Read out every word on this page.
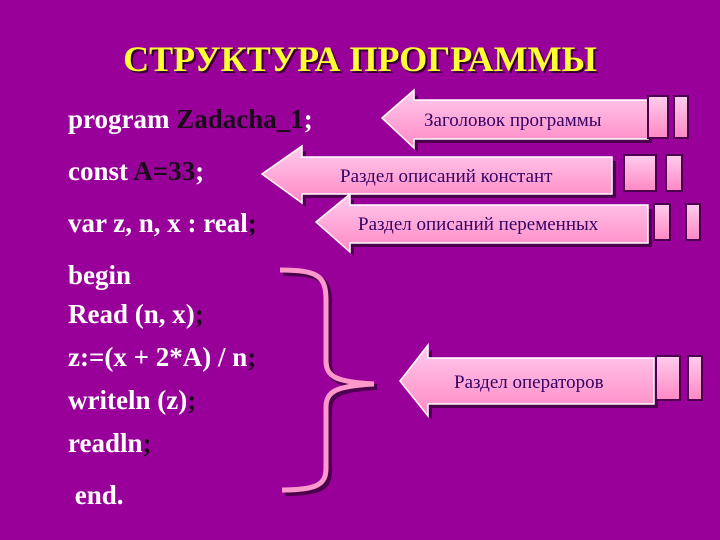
СТРУКТУРА ПРОГРАММЫ
program Zadacha_1;
const A=33;
var z, n, x : real;
begin
Read (n, x);
z:=(x + 2*A) / n;
writeln (z);
readln;
end.
Заголовок программы
Раздел описаний констант
Раздел описаний переменных
Раздел операторов
